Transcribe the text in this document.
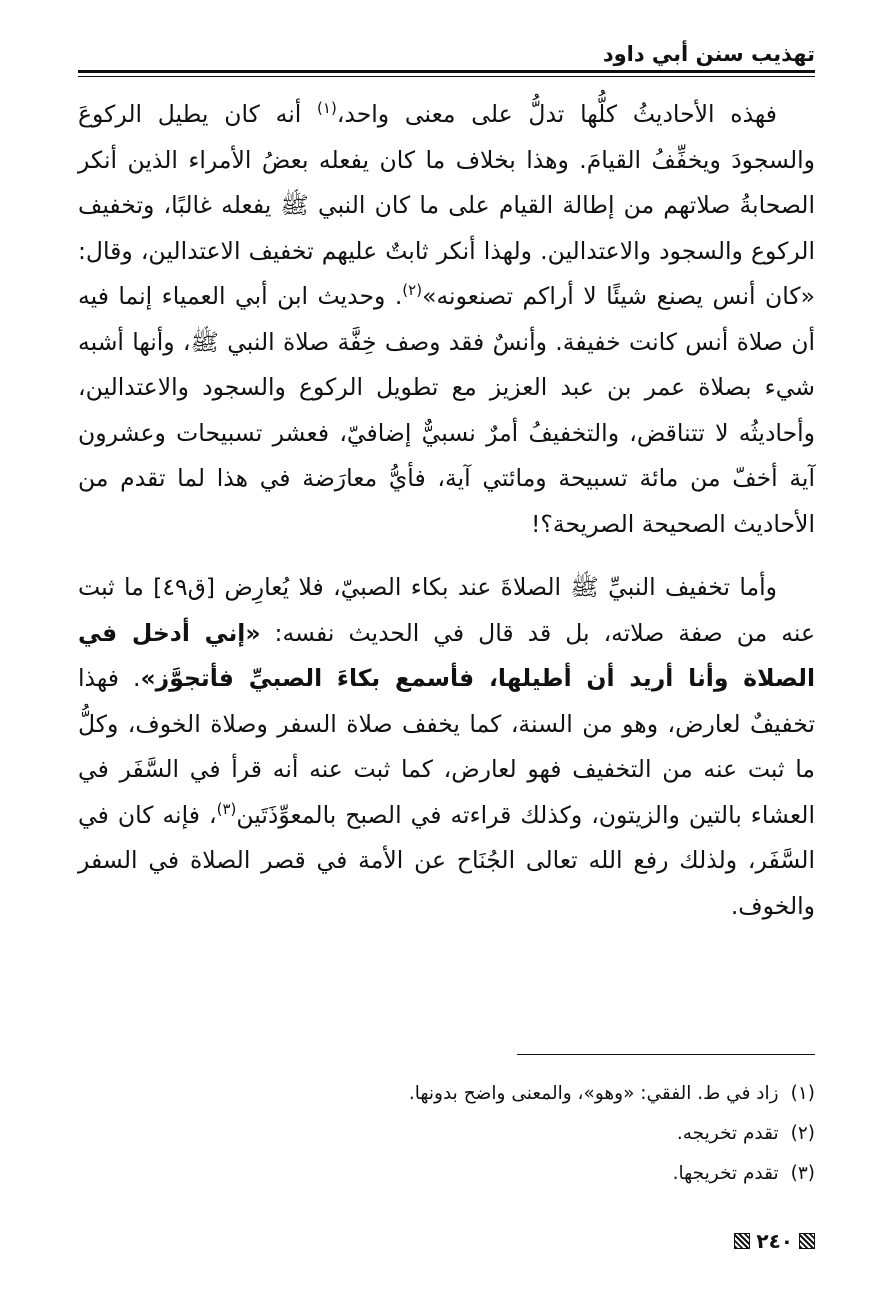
تهذيب سنن أبي داود

فهذه الأحاديثُ كلُّها تدلُّ على معنى واحد،$^{(١)}$ أنه كان يطيل الركوعَ والسجودَ ويخفِّفُ القيامَ. وهذا بخلاف ما كان يفعله بعضُ الأمراء الذين أنكر الصحابةُ صلاتهم من إطالة القيام على ما كان النبي ﷺ يفعله غالبًا، وتخفيف الركوع والسجود والاعتدالين. ولهذا أنكر ثابتٌ عليهم تخفيف الاعتدالين، وقال: «كان أنس يصنع شيئًا لا أراكم تصنعونه»$^{(٢)}$. وحديث ابن أبي العمياء إنما فيه أن صلاة أنس كانت خفيفة. وأنسٌ فقد وصف خِفَّة صلاة النبي ﷺ، وأنها أشبه شيء بصلاة عمر بن عبد العزيز مع تطويل الركوع والسجود والاعتدالين، وأحاديثُه لا تتناقض، والتخفيفُ أمرٌ نسبيٌّ إضافيّ، فعشر تسبيحات وعشرون آية أخفّ من مائة تسبيحة ومائتي آية، فأيُّ معارَضة في هذا لما تقدم من الأحاديث الصحيحة الصريحة؟!

وأما تخفيف النبيِّ ﷺ الصلاةَ عند بكاء الصبيّ، فلا يُعارِض [ق٤٩] ما ثبت عنه من صفة صلاته، بل قد قال في الحديث نفسه: «إني أدخل في الصلاة وأنا أريد أن أطيلها، فأسمع بكاءَ الصبيِّ فأتجوَّز». فهذا تخفيفٌ لعارض، وهو من السنة، كما يخفف صلاة السفر وصلاة الخوف، وكلُّ ما ثبت عنه من التخفيف فهو لعارض، كما ثبت عنه أنه قرأ في السَّفَر في العشاء بالتين والزيتون، وكذلك قراءته في الصبح بالمعوِّذَتَين$^{(٣)}$، فإنه كان في السَّفَر، ولذلك رفع الله تعالى الجُنَاح عن الأمة في قصر الصلاة في السفر والخوف.

(١)
زاد في ط. الفقي: «وهو»، والمعنى واضح بدونها.
(٢)
تقدم تخريجه.
(٣)
تقدم تخريجها.
٢٤٠
